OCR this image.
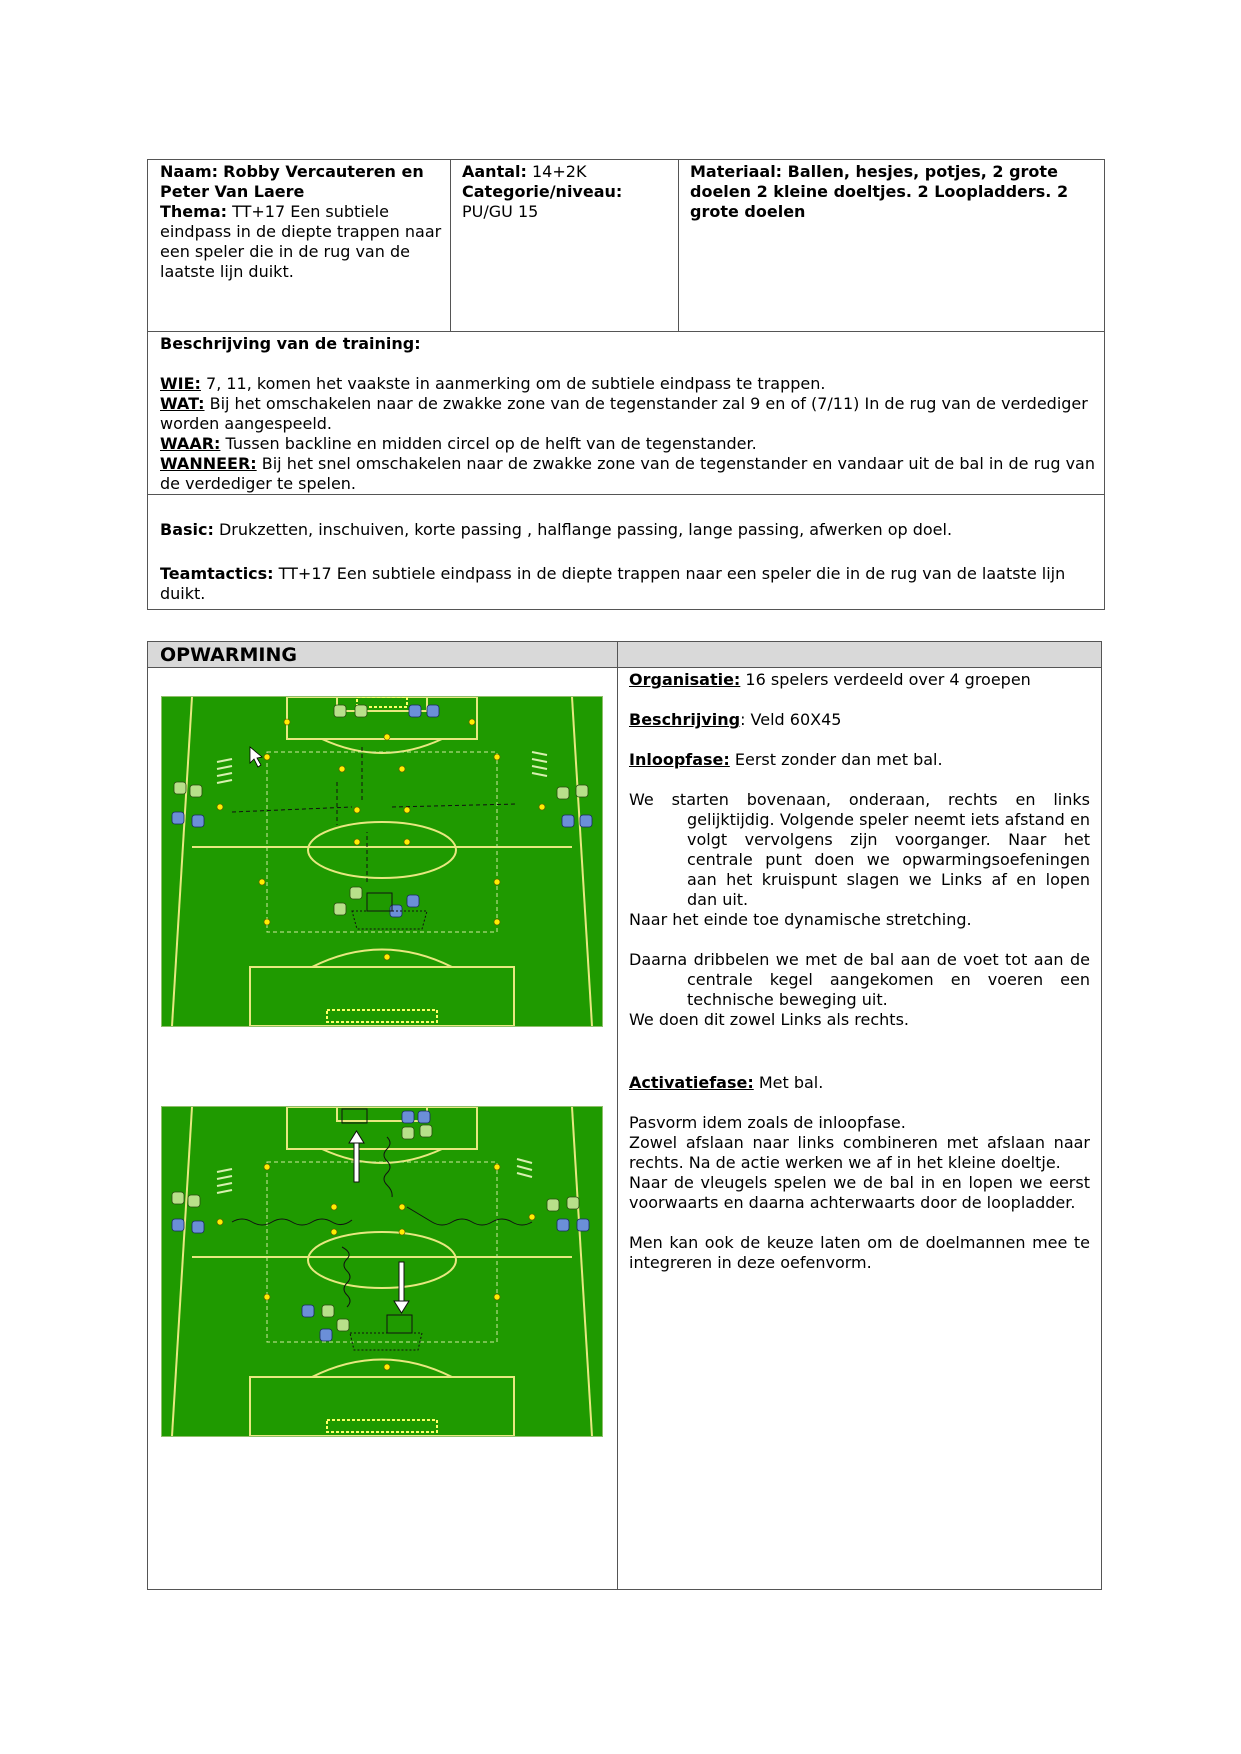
Naam: Robby Vercauteren en Peter Van Laere
Thema: TT+17 Een subtiele eindpass in de diepte trappen naar een speler die in de rug van de laatste lijn duikt.
Aantal: 14+2K
Categorie/niveau:
PU/GU 15
Materiaal: Ballen, hesjes, potjes, 2 grote doelen 2 kleine doeltjes. 2 Loopladders. 2 grote doelen

Beschrijving van de training:

WIE: 7, 11, komen het vaakste in aanmerking om de subtiele eindpass te trappen.

WAT: Bij het omschakelen naar de zwakke zone van de tegenstander zal 9 en of (7/11) In de rug van de verdediger worden aangespeeld.

WAAR: Tussen backline en midden circel op de helft van de tegenstander.

WANNEER: Bij het snel omschakelen naar de zwakke zone van de tegenstander en vandaar uit de bal in de rug van de verdediger te spelen.

Basic: Drukzetten, inschuiven, korte passing , halflange passing, lange passing, afwerken op doel.

Teamtactics: TT+17 Een subtiele eindpass in de diepte trappen naar een speler die in de rug van de laatste lijn duikt.

OPWARMING

Organisatie: 16 spelers verdeeld over 4 groepen

Beschrijving: Veld 60X45

Inloopfase: Eerst zonder dan met bal.

We starten bovenaan, onderaan, rechts en links

gelijktijdig. Volgende speler neemt iets afstand en volgt vervolgens zijn voorganger. Naar het centrale punt doen we opwarmingsoefeningen aan het kruispunt slagen we Links af en lopen dan uit.

Naar het einde toe dynamische stretching.

Daarna dribbelen we met de bal aan de voet tot aan de

centrale kegel aangekomen en voeren een technische beweging uit.

We doen dit zowel Links als rechts.

Activatiefase: Met bal.

Pasvorm idem zoals de inloopfase.

Zowel afslaan naar links combineren met afslaan naar rechts. Na de actie werken we af in het kleine doeltje.

Naar de vleugels spelen we de bal in en lopen we eerst voorwaarts en daarna achterwaarts door de loopladder.

Men kan ook de keuze laten om de doelmannen mee te integreren in deze oefenvorm.
